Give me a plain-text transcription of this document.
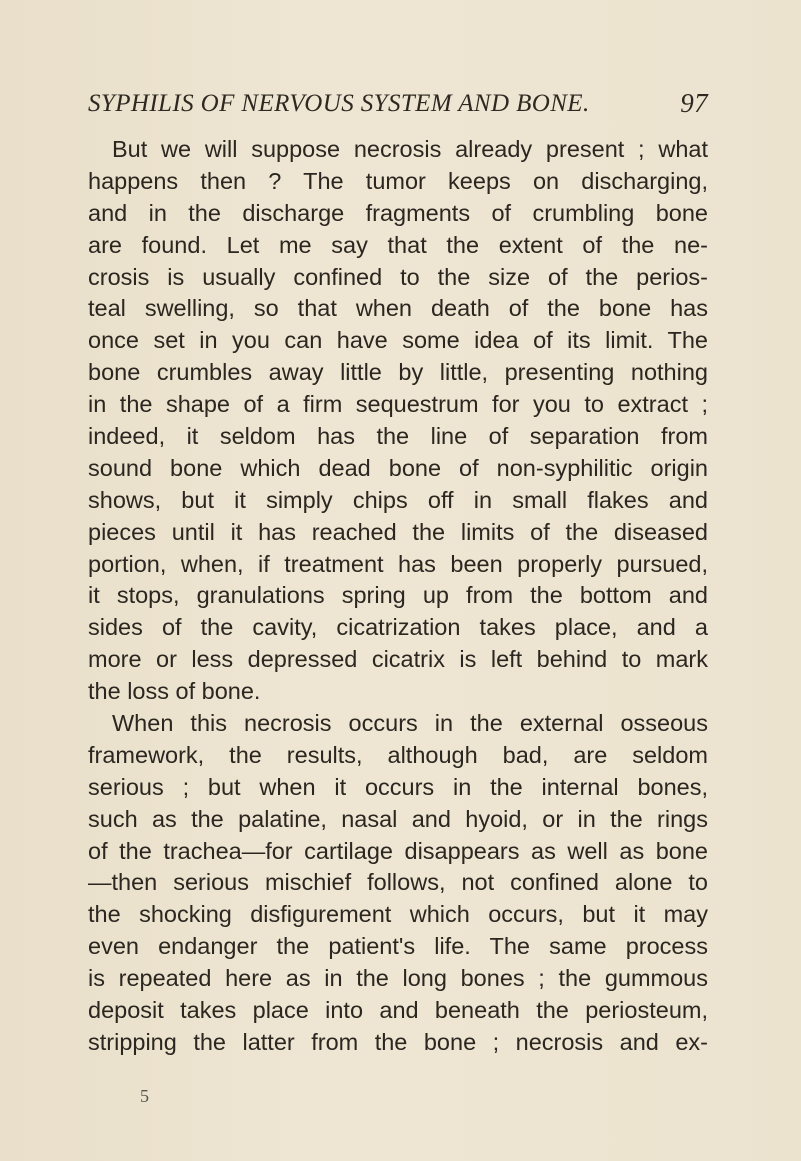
SYPHILIS OF NERVOUS SYSTEM AND BONE.	97
But we will suppose necrosis already present ; what
happens then ? The tumor keeps on discharging,
and in the discharge fragments of crumbling bone
are found. Let me say that the extent of the ne-
crosis is usually confined to the size of the perios-
teal swelling, so that when death of the bone has
once set in you can have some idea of its limit. The
bone crumbles away little by little, presenting nothing
in the shape of a firm sequestrum for you to extract ;
indeed, it seldom has the line of separation from
sound bone which dead bone of non-syphilitic origin
shows, but it simply chips off in small flakes and
pieces until it has reached the limits of the diseased
portion, when, if treatment has been properly pursued,
it stops, granulations spring up from the bottom and
sides of the cavity, cicatrization takes place, and a
more or less depressed cicatrix is left behind to mark
the loss of bone.
When this necrosis occurs in the external osseous
framework, the results, although bad, are seldom
serious ; but when it occurs in the internal bones,
such as the palatine, nasal and hyoid, or in the rings
of the trachea—for cartilage disappears as well as bone
—then serious mischief follows, not confined alone to
the shocking disfigurement which occurs, but it may
even endanger the patient's life. The same process
is repeated here as in the long bones ; the gummous
deposit takes place into and beneath the periosteum,
stripping the latter from the bone ; necrosis and ex-
5
